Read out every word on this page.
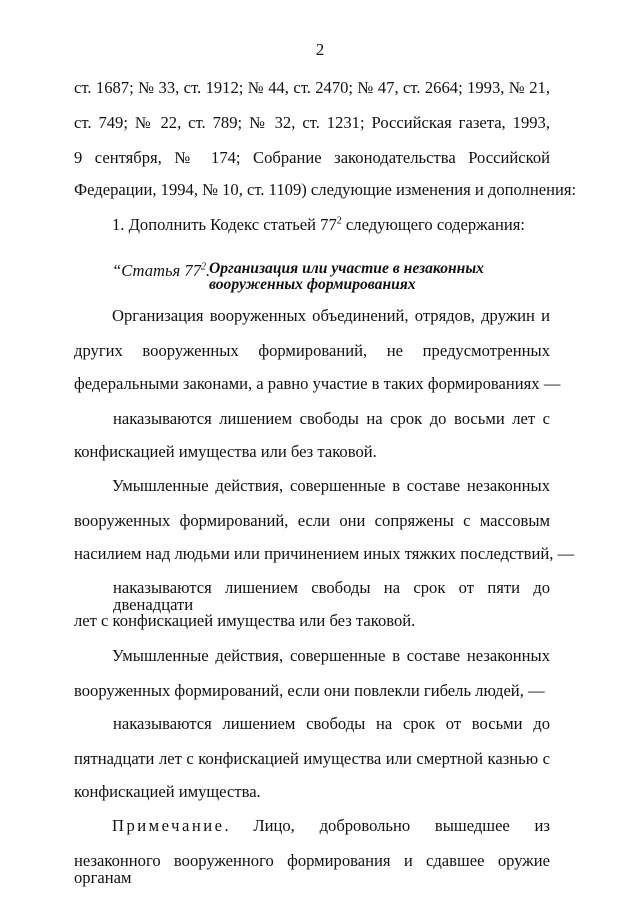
2
ст. 1687; № 33, ст. 1912; № 44, ст. 2470; № 47, ст. 2664; 1993, № 21,
ст. 749; № 22, ст. 789; № 32, ст. 1231; Российская газета, 1993,
9 сентября, № 174; Собрание законодательства Российской
Федерации, 1994, № 10, ст. 1109) следующие изменения и дополнения:
1. Дополнить Кодекс статьей $77^2$ следующего содержания:
“Статья $77^2$.
Организация или участие в незаконных
вооруженных формированиях
Организация вооруженных объединений, отрядов, дружин и
других вооруженных формирований, не предусмотренных
федеральными законами, а равно участие в таких формированиях —
наказываются лишением свободы на срок до восьми лет с
конфискацией имущества или без таковой.
Умышленные действия, совершенные в составе незаконных
вооруженных формирований, если они сопряжены с массовым
насилием над людьми или причинением иных тяжких последствий, —
наказываются лишением свободы на срок от пяти до двенадцати
лет с конфискацией имущества или без таковой.
Умышленные действия, совершенные в составе незаконных
вооруженных формирований, если они повлекли гибель людей, —
наказываются лишением свободы на срок от восьми до
пятнадцати лет с конфискацией имущества или смертной казнью с
конфискацией имущества.
Примечание. Лицо, добровольно вышедшее из
незаконного вооруженного формирования и сдавшее оружие органам
